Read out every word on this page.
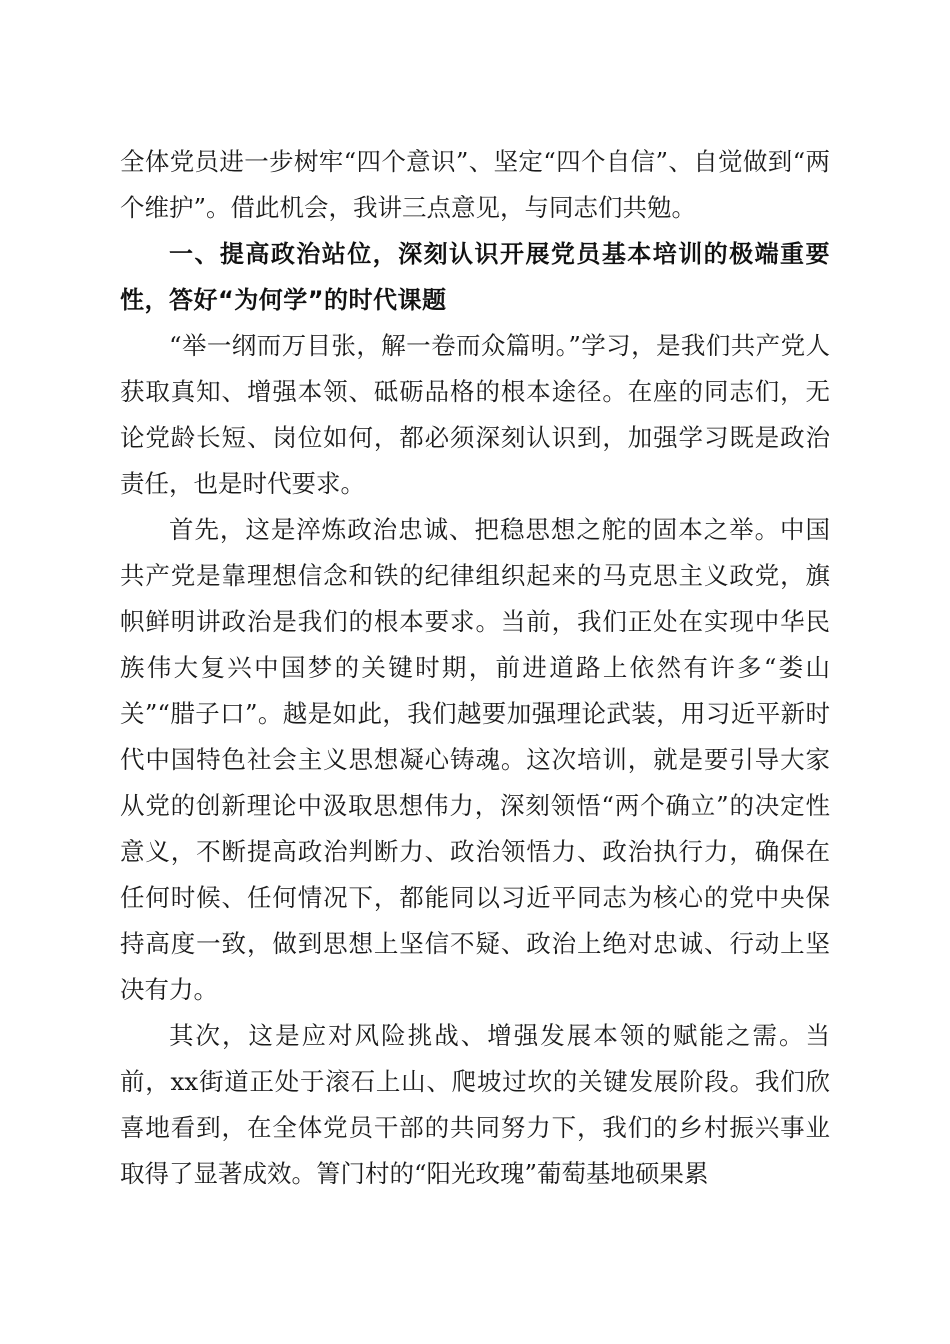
全体党员进一步树牢“四个意识”、坚定“四个自信”、自觉做到“两个维护”。借此机会，我讲三点意见，与同志们共勉。

一、提高政治站位，深刻认识开展党员基本培训的极端重要性，答好“为何学”的时代课题

“举一纲而万目张，解一卷而众篇明。”学习，是我们共产党人获取真知、增强本领、砥砺品格的根本途径。在座的同志们，无论党龄长短、岗位如何，都必须深刻认识到，加强学习既是政治责任，也是时代要求。

首先，这是淬炼政治忠诚、把稳思想之舵的固本之举。中国共产党是靠理想信念和铁的纪律组织起来的马克思主义政党，旗帜鲜明讲政治是我们的根本要求。当前，我们正处在实现中华民族伟大复兴中国梦的关键时期，前进道路上依然有许多“娄山关”“腊子口”。越是如此，我们越要加强理论武装，用习近平新时代中国特色社会主义思想凝心铸魂。这次培训，就是要引导大家从党的创新理论中汲取思想伟力，深刻领悟“两个确立”的决定性意义，不断提高政治判断力、政治领悟力、政治执行力，确保在任何时候、任何情况下，都能同以习近平同志为核心的党中央保持高度一致，做到思想上坚信不疑、政治上绝对忠诚、行动上坚决有力。

其次，这是应对风险挑战、增强发展本领的赋能之需。当前，xx街道正处于滚石上山、爬坡过坎的关键发展阶段。我们欣喜地看到，在全体党员干部的共同努力下，我们的乡村振兴事业取得了显著成效。箐门村的“阳光玫瑰”葡萄基地硕果累
